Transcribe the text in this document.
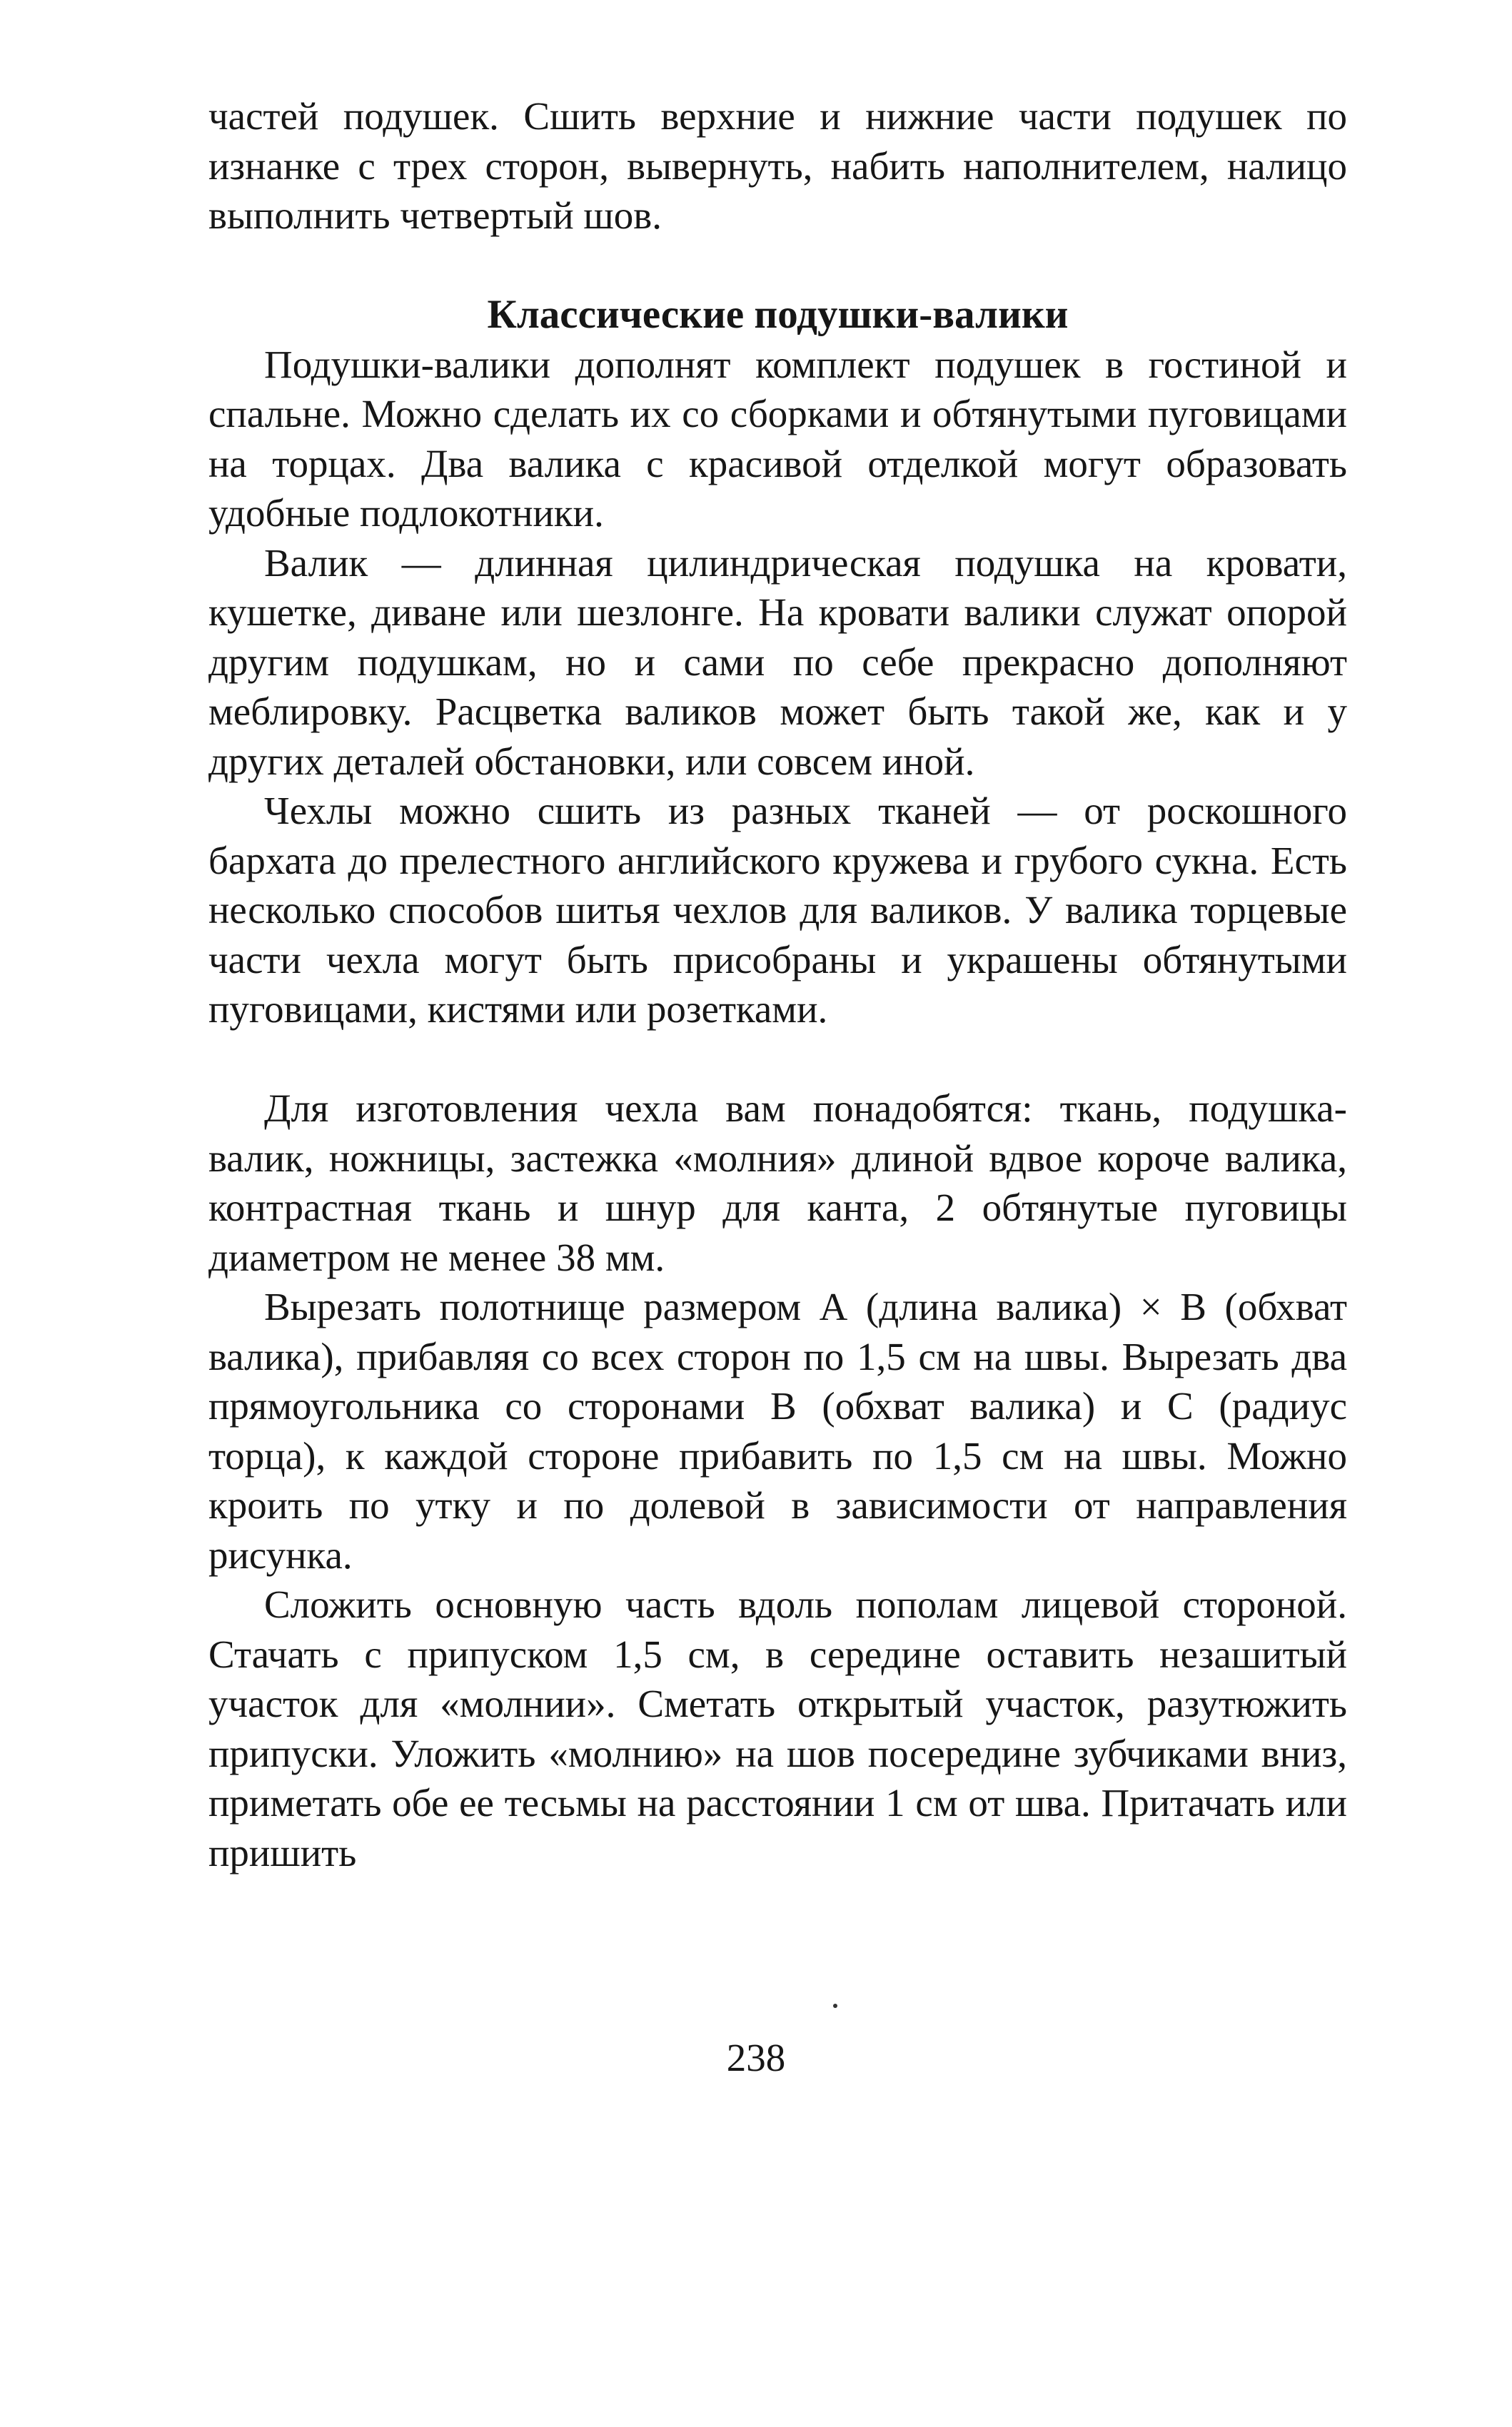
частей подушек. Сшить верхние и нижние части подушек по изнанке с трех сторон, вывернуть, набить наполнителем, налицо выполнить четвертый шов.

Классические подушки-валики

Подушки-валики дополнят комплект подушек в гостиной и спальне. Можно сделать их со сборками и обтянутыми пуговицами на торцах. Два валика с красивой отделкой могут образовать удобные подлокотники.

Валик — длинная цилиндрическая подушка на кровати, кушетке, диване или шезлонге. На кровати валики служат опорой другим подушкам, но и сами по себе прекрасно дополняют меблировку. Расцветка валиков может быть такой же, как и у других деталей обстановки, или совсем иной.

Чехлы можно сшить из разных тканей — от роскошного бархата до прелестного английского кружева и грубого сукна. Есть несколько способов шитья чехлов для валиков. У валика торцевые части чехла могут быть присобраны и украшены обтянутыми пуговицами, кистями или розетками.

Для изготовления чехла вам понадобятся: ткань, подушка-валик, ножницы, застежка «молния» длиной вдвое короче валика, контрастная ткань и шнур для канта, 2 обтянутые пуговицы диаметром не менее 38 мм.

Вырезать полотнище размером А (длина валика) × В (обхват валика), прибавляя со всех сторон по 1,5 см на швы. Вырезать два прямоугольника со сторонами В (обхват валика) и С (радиус торца), к каждой стороне прибавить по 1,5 см на швы. Можно кроить по утку и по долевой в зависимости от направления рисунка.

Сложить основную часть вдоль пополам лицевой стороной. Стачать с припуском 1,5 см, в середине оставить незашитый участок для «молнии». Сметать открытый участок, разутюжить припуски. Уложить «молнию» на шов посередине зубчиками вниз, приметать обе ее тесьмы на расстоянии 1 см от шва. Притачать или пришить

238
